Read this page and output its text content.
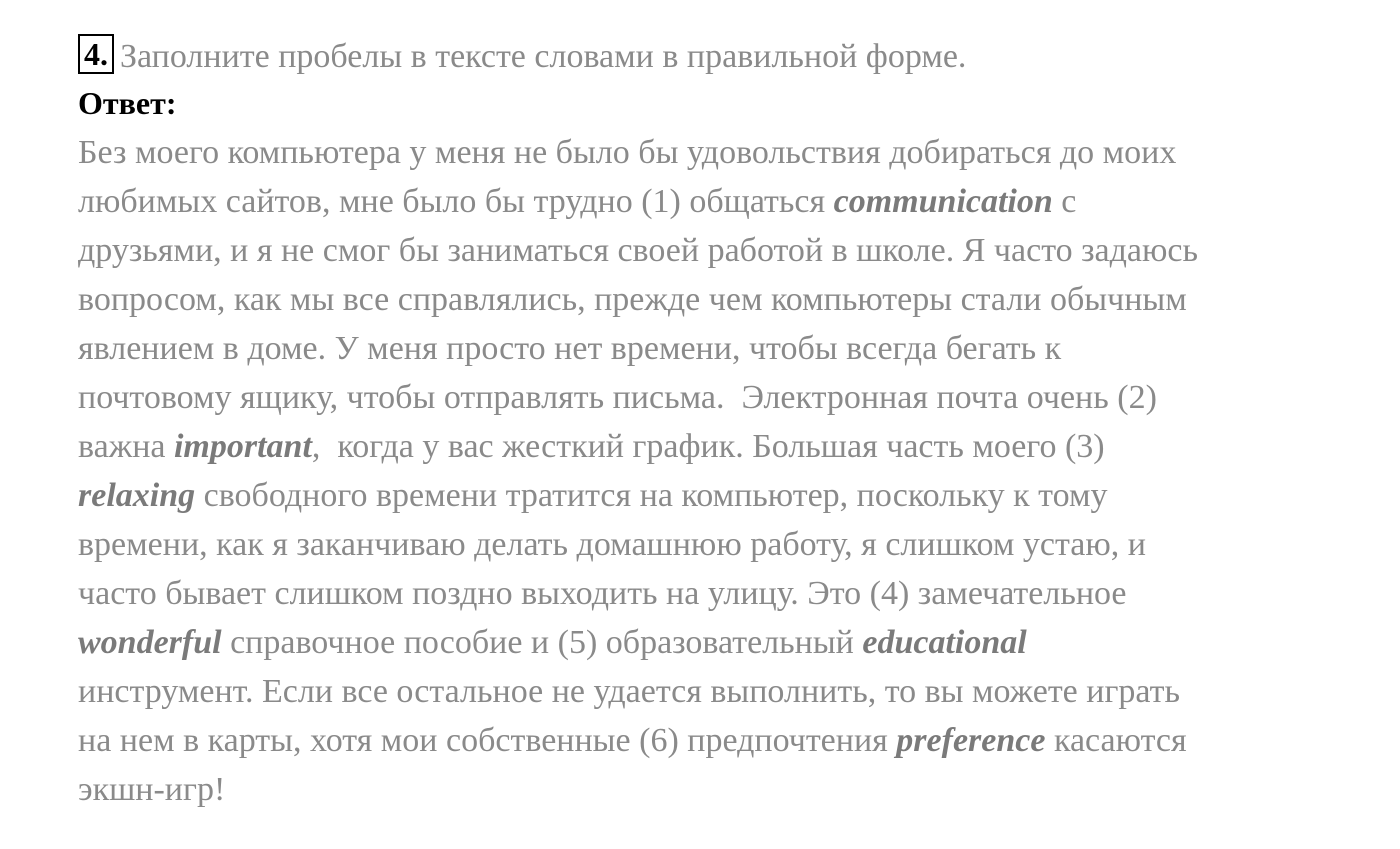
4. Заполните пробелы в тексте словами в правильной форме.
Ответ:
Без моего компьютера у меня не было бы удовольствия добираться до моих
любимых сайтов, мне было бы трудно (1) общаться communication с
друзьями, и я не смог бы заниматься своей работой в школе. Я часто задаюсь
вопросом, как мы все справлялись, прежде чем компьютеры стали обычным
явлением в доме. У меня просто нет времени, чтобы всегда бегать к
почтовому ящику, чтобы отправлять письма.  Электронная почта очень (2)
важна important,  когда у вас жесткий график. Большая часть моего (3)
relaxing свободного времени тратится на компьютер, поскольку к тому
времени, как я заканчиваю делать домашнюю работу, я слишком устаю, и
часто бывает слишком поздно выходить на улицу. Это (4) замечательное
wonderful справочное пособие и (5) образовательный educational
инструмент. Если все остальное не удается выполнить, то вы можете играть
на нем в карты, хотя мои собственные (6) предпочтения preference касаются
экшн-игр!
